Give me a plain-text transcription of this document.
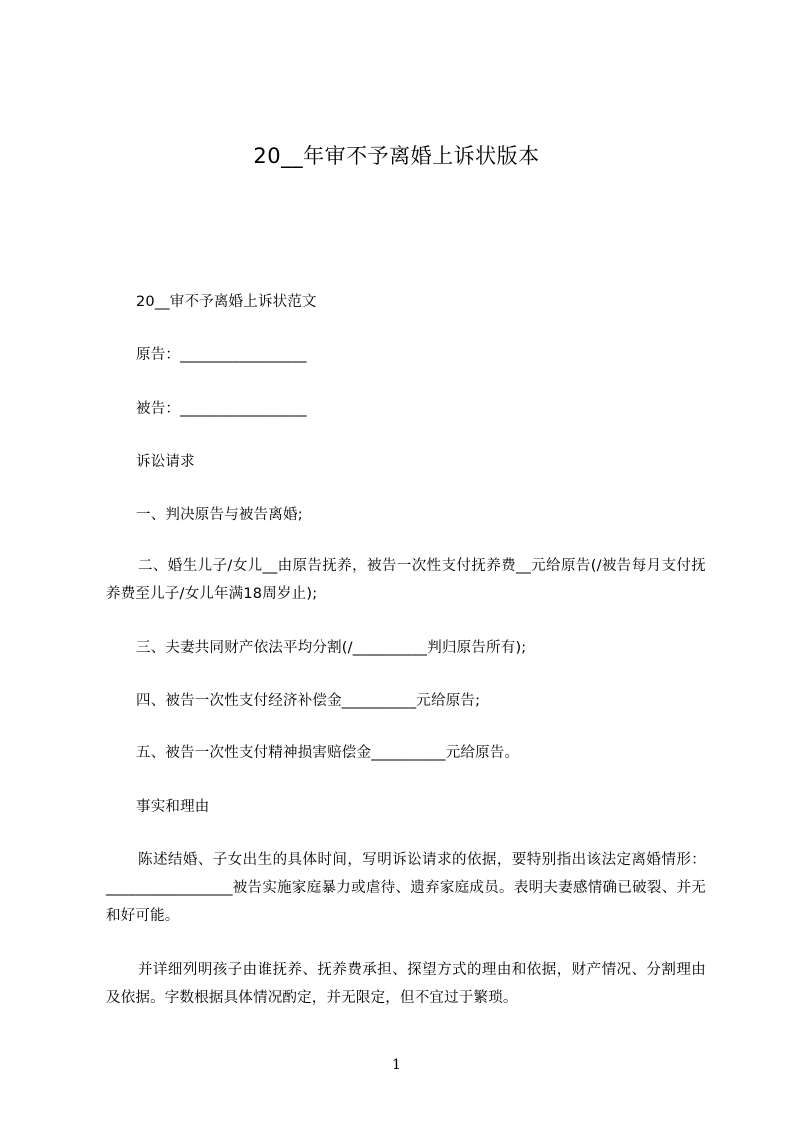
20__年审不予离婚上诉状版本
20__审不予离婚上诉状范文
原告：_________________
被告：_________________
诉讼请求
一、判决原告与被告离婚;
二、婚生儿子/女儿__由原告抚养，被告一次性支付抚养费__元给原告(/被告每月支付抚养费至儿子/女儿年满18周岁止);
三、夫妻共同财产依法平均分割(/__________判归原告所有);
四、被告一次性支付经济补偿金__________元给原告;
五、被告一次性支付精神损害赔偿金__________元给原告。
事实和理由
陈述结婚、子女出生的具体时间，写明诉讼请求的依据，要特别指出该法定离婚情形：_________________被告实施家庭暴力或虐待、遗弃家庭成员。表明夫妻感情确已破裂、并无和好可能。
并详细列明孩子由谁抚养、抚养费承担、探望方式的理由和依据，财产情况、分割理由及依据。字数根据具体情况酌定，并无限定，但不宜过于繁琐。
1
